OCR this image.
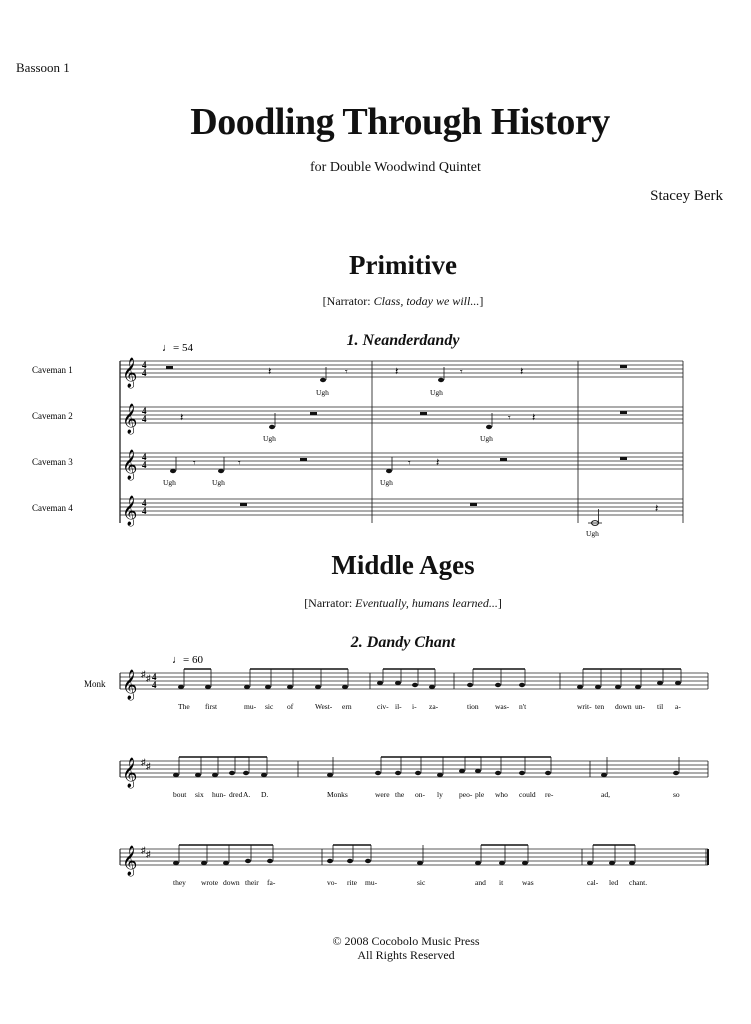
Bassoon 1
Doodling Through History
for Double Woodwind Quintet
Stacey Berk
Primitive
[Narrator: Class, today we will...]
1. Neanderdandy
♩= 54
Caveman 1 𝄞 4
4	𝄽	𝄾
Ugh
𝄾
Ugh
𝄽	𝄽
Caveman 2 𝄞 4
4	𝄽
Ugh
𝄾 𝄽
Ugh
Caveman 3 𝄞 4
4	𝄾
Ugh
𝄾
Ugh
𝄾 𝄽
Ugh
Caveman 4 𝄞 4
4
Ugh
𝄽
Middle Ages
[Narrator: Eventually, humans learned...]
2. Dandy Chant
♩= 60
Monk 𝄞 ♯ ♯ 4
4
The first	mu- sic of	West- ern	civ- il- i- za-	tion was- n't	writ- ten down un- til a-
𝄞 ♯ ♯
bout six hun- dred A. D.	Monks	were the on- ly peo- ple who could re-	ad,	so
𝄞 ♯ ♯
they wrote down their fa-	vo- rite mu-	sic	and it	was	cal- led chant.
© 2008 Cocobolo Music Press
All Rights Reserved
